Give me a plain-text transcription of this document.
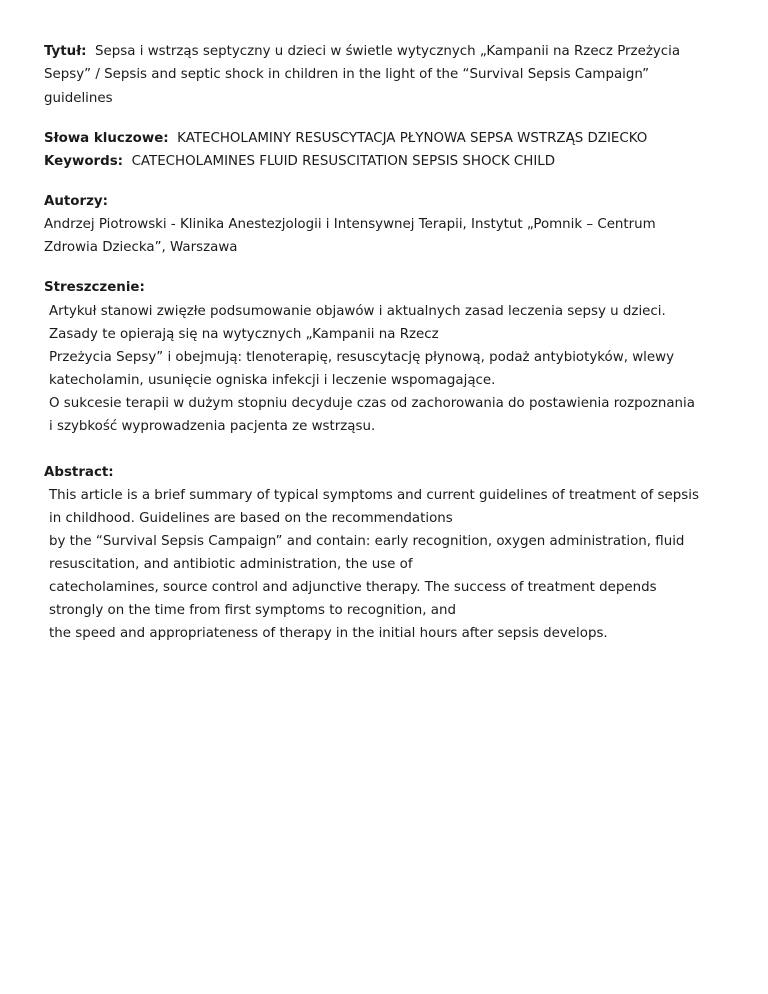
Tytuł: Sepsa i wstrząs septyczny u dzieci w świetle wytycznych „Kampanii na Rzecz Przeżycia
Sepsy” / Sepsis and septic shock in children in the light of the “Survival Sepsis Campaign”
guidelines
Słowa kluczowe: KATECHOLAMINY RESUSCYTACJA PŁYNOWA SEPSA WSTRZĄS DZIECKO
Keywords: CATECHOLAMINES FLUID RESUSCITATION SEPSIS SHOCK CHILD
Autorzy:
Andrzej Piotrowski - Klinika Anestezjologii i Intensywnej Terapii, Instytut „Pomnik – Centrum
Zdrowia Dziecka”, Warszawa
Streszczenie:
Artykuł stanowi zwięzłe podsumowanie objawów i aktualnych zasad leczenia sepsy u dzieci.
Zasady te opierają się na wytycznych „Kampanii na Rzecz
Przeżycia Sepsy” i obejmują: tlenoterapię, resuscytację płynową, podaż antybiotyków, wlewy
katecholamin, usunięcie ogniska infekcji i leczenie wspomagające.
O sukcesie terapii w dużym stopniu decyduje czas od zachorowania do postawienia rozpoznania
i szybkość wyprowadzenia pacjenta ze wstrząsu.
Abstract:
This article is a brief summary of typical symptoms and current guidelines of treatment of sepsis
in childhood. Guidelines are based on the recommendations
by the “Survival Sepsis Campaign” and contain: early recognition, oxygen administration, fluid
resuscitation, and antibiotic administration, the use of
catecholamines, source control and adjunctive therapy. The success of treatment depends
strongly on the time from first symptoms to recognition, and
the speed and appropriateness of therapy in the initial hours after sepsis develops.
